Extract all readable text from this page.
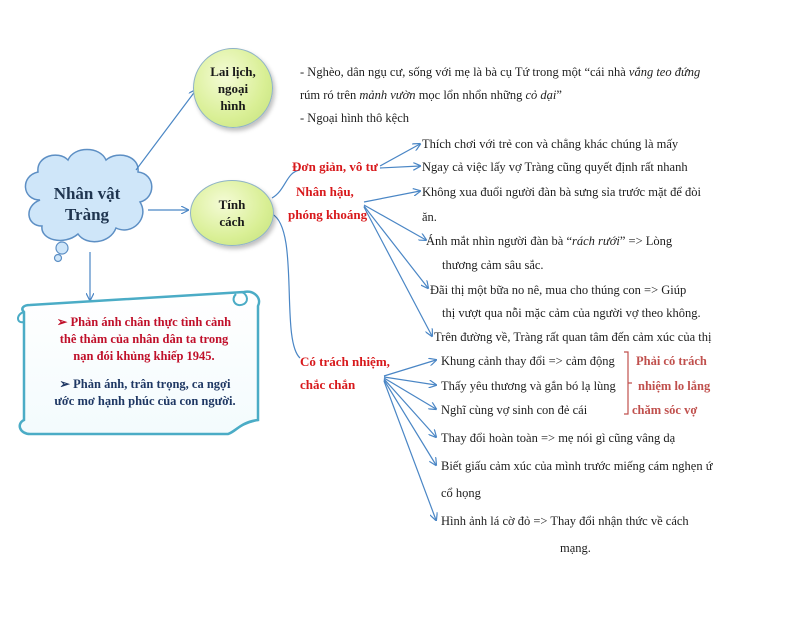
Nhân vật
Tràng
Lai lịch,
ngoại
hình
Tính
cách
- Nghèo, dân ngụ cư, sống với mẹ là bà cụ Tứ trong một “cái nhà vắng teo đứng
rúm ró trên mảnh vườn mọc lổn nhổn những cỏ dại”
- Ngoại hình thô kệch
Đơn giản, vô tư
Nhân hậu,
phóng khoáng
Có trách nhiệm,
chắc chắn
Thích chơi với trẻ con và chẳng khác chúng là mấy
Ngay cả việc lấy vợ Tràng cũng quyết định rất nhanh
Không xua đuổi người đàn bà sưng sỉa trước mặt để đòi
ăn.
Ánh mắt nhìn người đàn bà “rách rưới” => Lòng
thương cảm sâu sắc.
Đãi thị một bữa no nê, mua cho thúng con => Giúp
thị vượt qua nỗi mặc cảm của người vợ theo không.
Trên đường về, Tràng rất quan tâm đến cảm xúc của thị
Khung cảnh thay đổi => cảm động
Thấy yêu thương và gắn bó lạ lùng
Nghĩ cùng vợ sinh con đẻ cái
Thay đổi hoàn toàn => mẹ nói gì cũng vâng dạ
Biết giấu cảm xúc của mình trước miếng cám nghẹn ứ
cổ họng
Hình ảnh lá cờ đỏ => Thay đổi nhận thức về cách
mạng.
Phải có trách
nhiệm lo lắng
chăm sóc vợ
➢ Phản ánh chân thực tình cảnh
thê thảm của nhân dân ta trong
nạn đói khủng khiếp 1945.
➢ Phản ánh, trân trọng, ca ngợi
ước mơ hạnh phúc của con người.
